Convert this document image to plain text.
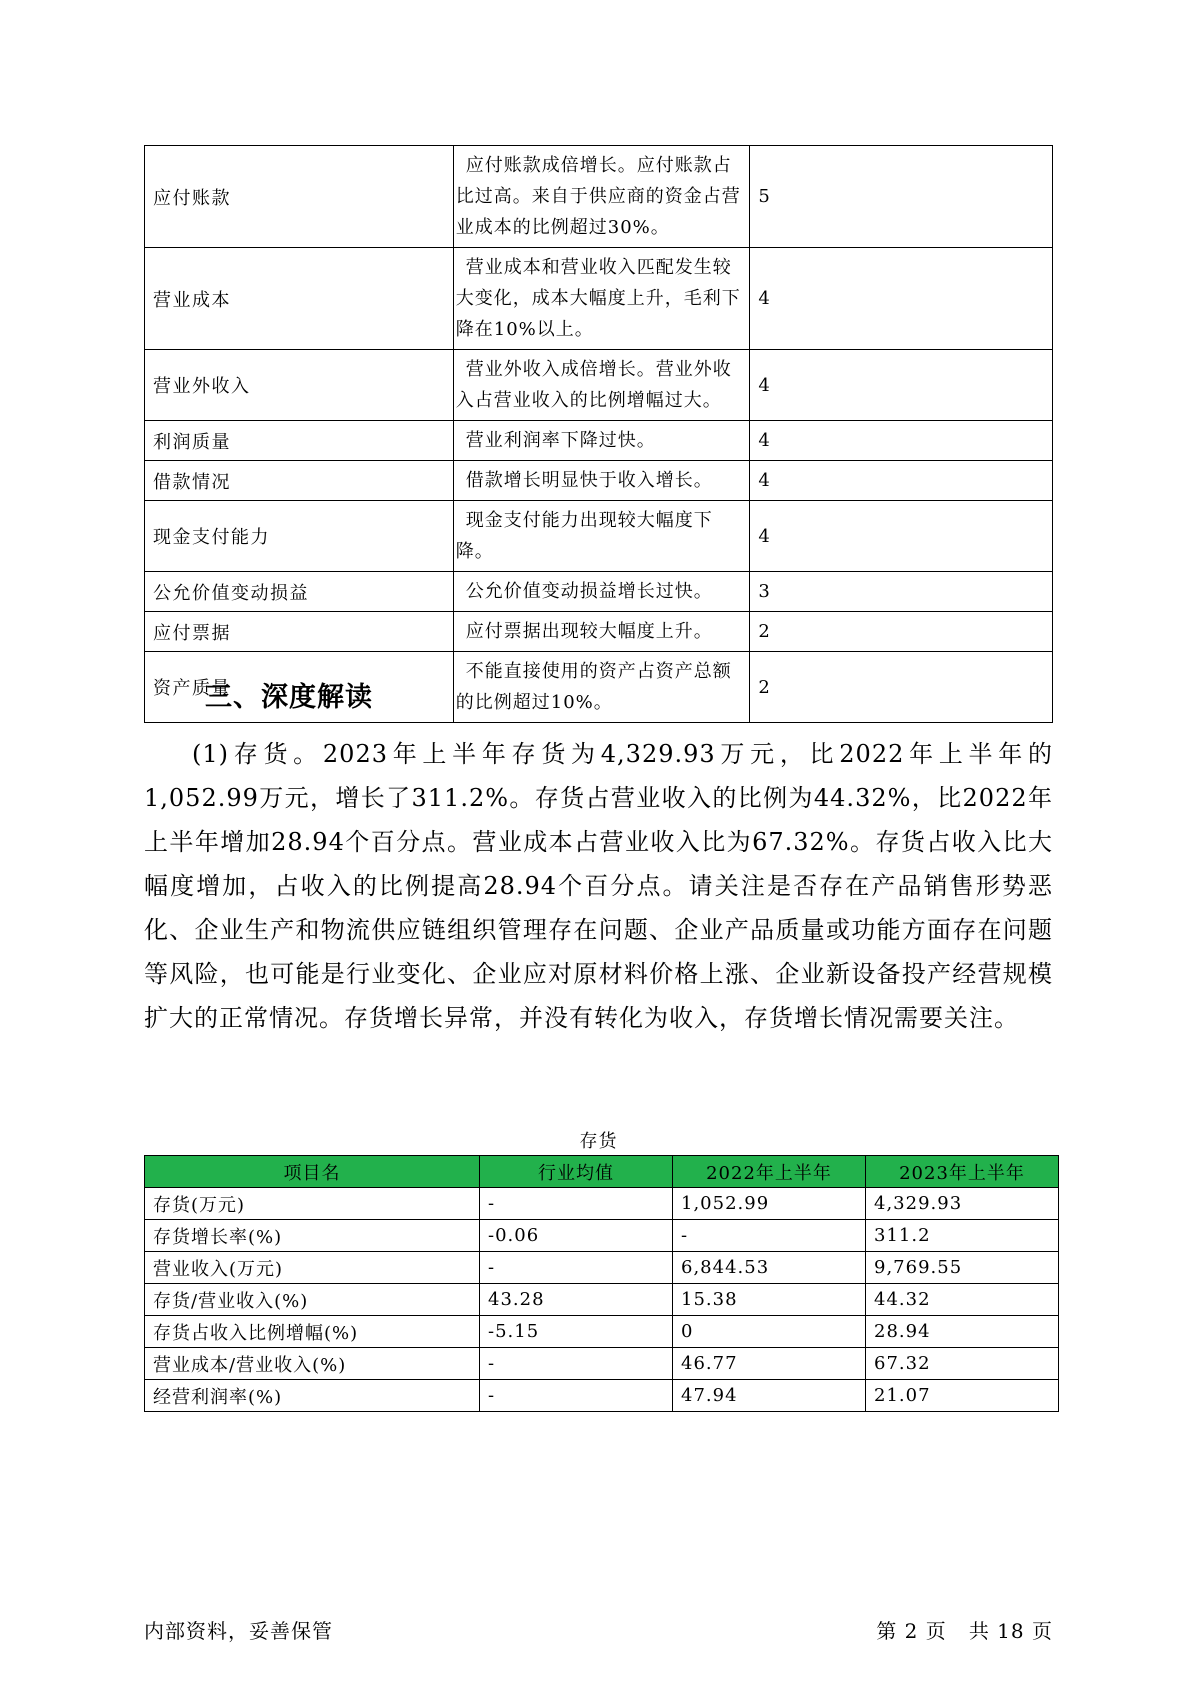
应付账款	应付账款成倍增长。应付账款占比过高。来自于供应商的资金占营业成本的比例超过30%。	5
营业成本	营业成本和营业收入匹配发生较大变化，成本大幅度上升，毛利下降在10%以上。	4
营业外收入	营业外收入成倍增长。营业外收入占营业收入的比例增幅过大。	4
利润质量	营业利润率下降过快。	4
借款情况	借款增长明显快于收入增长。	4
现金支付能力	现金支付能力出现较大幅度下降。	4
公允价值变动损益	公允价值变动损益增长过快。	3
应付票据	应付票据出现较大幅度上升。	2
资产质量	不能直接使用的资产占资产总额的比例超过10%。	2
三、深度解读

(1)存货。2023年上半年存货为4,329.93万元，比2022年上半年的1,052.99万元，增长了311.2%。存货占营业收入的比例为44.32%，比2022年上半年增加28.94个百分点。营业成本占营业收入比为67.32%。存货占收入比大幅度增加，占收入的比例提高28.94个百分点。请关注是否存在产品销售形势恶化、企业生产和物流供应链组织管理存在问题、企业产品质量或功能方面存在问题等风险，也可能是行业变化、企业应对原材料价格上涨、企业新设备投产经营规模扩大的正常情况。存货增长异常，并没有转化为收入，存货增长情况需要关注。

存货
项目名	行业均值	2022年上半年	2023年上半年
存货(万元)	-	1,052.99	4,329.93
存货增长率(%)	-0.06	-	311.2
营业收入(万元)	-	6,844.53	9,769.55
存货/营业收入(%)	43.28	15.38	44.32
存货占收入比例增幅(%)	-5.15	0	28.94
营业成本/营业收入(%)	-	46.77	67.32
经营利润率(%)	-	47.94	21.07
内部资料，妥善保管	第 2 页   共 18 页
